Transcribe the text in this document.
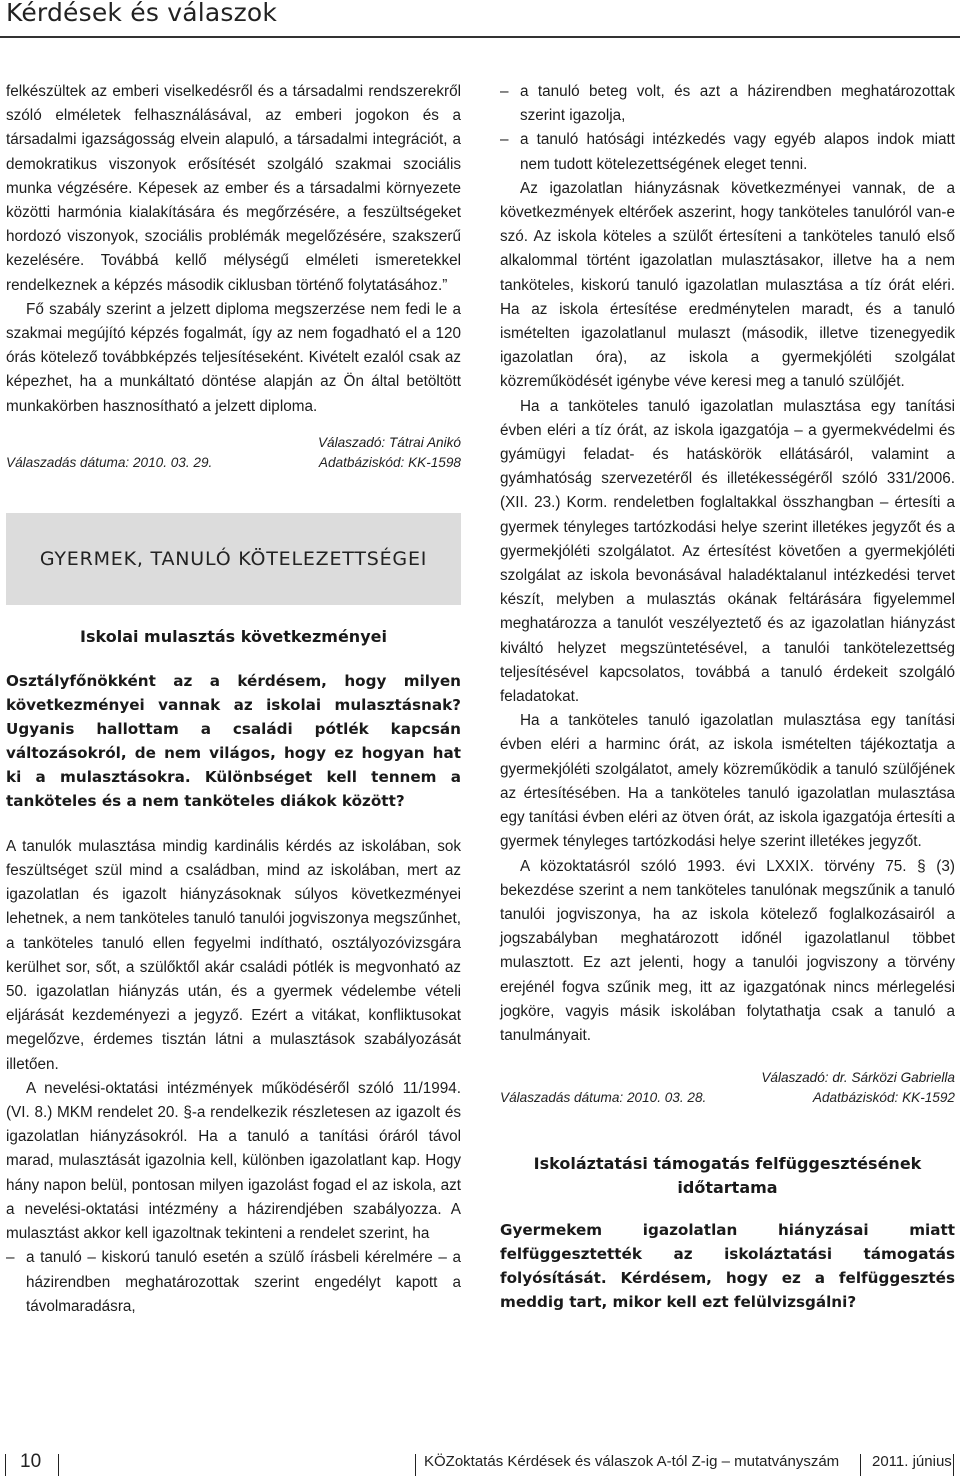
Kérdések és válaszok

felkészültek az emberi viselkedésről és a társadalmi rendszerekről szóló elméletek felhasználásával, az emberi jogokon és a társadalmi igazságosság elvein alapuló, a társadalmi integrációt, a demokratikus viszonyok erősítését szolgáló szakmai szociális munka végzésére. Képesek az ember és a társadalmi környezete közötti harmónia kialakítására és megőrzésére, a feszültségeket hordozó viszonyok, szociális problémák megelőzésére, szakszerű kezelésére. Továbbá kellő mélységű elméleti ismeretekkel rendelkeznek a képzés második ciklusban történő folytatásához.”

Fő szabály szerint a jelzett diploma megszerzése nem fedi le a szakmai megújító képzés fogalmát, így az nem fogadható el a 120 órás kötelező továbbképzés teljesítéseként. Kivételt ezalól csak az képezhet, ha a munkáltató döntése alapján az Ön által betöltött munkakörben hasznosítható a jelzett diploma.

Válaszadó: Tátrai Anikó
Válaszadás dátuma: 2010. 03. 29.	Adatbáziskód: KK-1598
GYERMEK, TANULÓ KÖTELEZETTSÉGEI
Iskolai mulasztás következményei
Osztályfőnökként az a kérdésem, hogy milyen következményei vannak az iskolai mulasztásnak? Ugyanis hallottam a családi pótlék kapcsán változásokról, de nem világos, hogy ez hogyan hat ki a mulasztásokra. Különbséget kell tennem a tanköteles és a nem tanköteles diákok között?

A tanulók mulasztása mindig kardinális kérdés az iskolában, sok feszültséget szül mind a családban, mind az iskolában, mert az igazolatlan és igazolt hiányzásoknak súlyos következményei lehetnek, a nem tanköteles tanuló tanulói jogviszonya megszűnhet, a tanköteles tanuló ellen fegyelmi indítható, osztályozóvizsgára kerülhet sor, sőt, a szülőktől akár családi pótlék is megvonható az 50. igazolatlan hiányzás után, és a gyermek védelembe vételi eljárását kezdeményezi a jegyző. Ezért a vitákat, konfliktusokat megelőzve, érdemes tisztán látni a mulasztások szabályozását illetően.

A nevelési-oktatási intézmények működéséről szóló 11/1994. (VI. 8.) MKM rendelet 20. §-a rendelkezik részletesen az igazolt és igazolatlan hiányzásokról. Ha a tanuló a tanítási óráról távol marad, mulasztását igazolnia kell, különben igazolatlant kap. Hogy hány napon belül, pontosan milyen igazolást fogad el az iskola, azt a nevelési-oktatási intézmény a házirendjében szabályozza. A mulasztást akkor kell igazoltnak tekinteni a rendelet szerint, ha

– a tanuló – kiskorú tanuló esetén a szülő írásbeli kérelmére – a házirendben meghatározottak szerint engedélyt kapott a távolmaradásra,
– a tanuló beteg volt, és azt a házirendben meghatározottak szerint igazolja,
– a tanuló hatósági intézkedés vagy egyéb alapos indok miatt nem tudott kötelezettségének eleget tenni.

Az igazolatlan hiányzásnak következményei vannak, de a következmények eltérőek aszerint, hogy tanköteles tanulóról van-e szó. Az iskola köteles a szülőt értesíteni a tanköteles tanuló első alkalommal történt igazolatlan mulasztásakor, illetve ha a nem tanköteles, kiskorú tanuló igazolatlan mulasztása a tíz órát eléri. Ha az iskola értesítése eredménytelen maradt, és a tanuló ismételten igazolatlanul mulaszt (második, illetve tizenegyedik igazolatlan óra), az iskola a gyermekjóléti szolgálat közreműködését igénybe véve keresi meg a tanuló szülőjét.

Ha a tanköteles tanuló igazolatlan mulasztása egy tanítási évben eléri a tíz órát, az iskola igazgatója – a gyermekvédelmi és gyámügyi feladat- és hatáskörök ellátásáról, valamint a gyámhatóság szervezetéről és illetékességéről szóló 331/2006. (XII. 23.) Korm. rendeletben foglaltakkal összhangban – értesíti a gyermek tényleges tartózkodási helye szerint illetékes jegyzőt és a gyermekjóléti szolgálatot. Az értesítést követően a gyermekjóléti szolgálat az iskola bevonásával haladéktalanul intézkedési tervet készít, melyben a mulasztás okának feltárására figyelemmel meghatározza a tanulót veszélyeztető és az igazolatlan hiányzást kiváltó helyzet megszüntetésével, a tanulói tankötelezettség teljesítésével kapcsolatos, továbbá a tanuló érdekeit szolgáló feladatokat.

Ha a tanköteles tanuló igazolatlan mulasztása egy tanítási évben eléri a harminc órát, az iskola ismételten tájékoztatja a gyermekjóléti szolgálatot, amely közreműködik a tanuló szülőjének az értesítésében. Ha a tanköteles tanuló igazolatlan mulasztása egy tanítási évben eléri az ötven órát, az iskola igazgatója értesíti a gyermek tényleges tartózkodási helye szerint illetékes jegyzőt.

A közoktatásról szóló 1993. évi LXXIX. törvény 75. § (3) bekezdése szerint a nem tanköteles tanulónak megszűnik a tanuló tanulói jogviszonya, ha az iskola kötelező foglalkozásairól a jogszabályban meghatározott időnél igazolatlanul többet mulasztott. Ez azt jelenti, hogy a tanulói jogviszony a törvény erejénél fogva szűnik meg, itt az igazgatónak nincs mérlegelési jogköre, vagyis másik iskolában folytathatja csak a tanuló a tanulmányait.

Válaszadó: dr. Sárközi Gabriella
Válaszadás dátuma: 2010. 03. 28.	Adatbáziskód: KK-1592
Iskoláztatási támogatás felfüggesztésének időtartama
Gyermekem igazolatlan hiányzásai miatt felfüggesztették az iskoláztatási támogatás folyósítását. Kérdésem, hogy ez a felfüggesztés meddig tart, mikor kell ezt felülvizsgálni?
10	KÖZoktatás Kérdések és válaszok A-tól Z-ig – mutatványszám 2011. június
